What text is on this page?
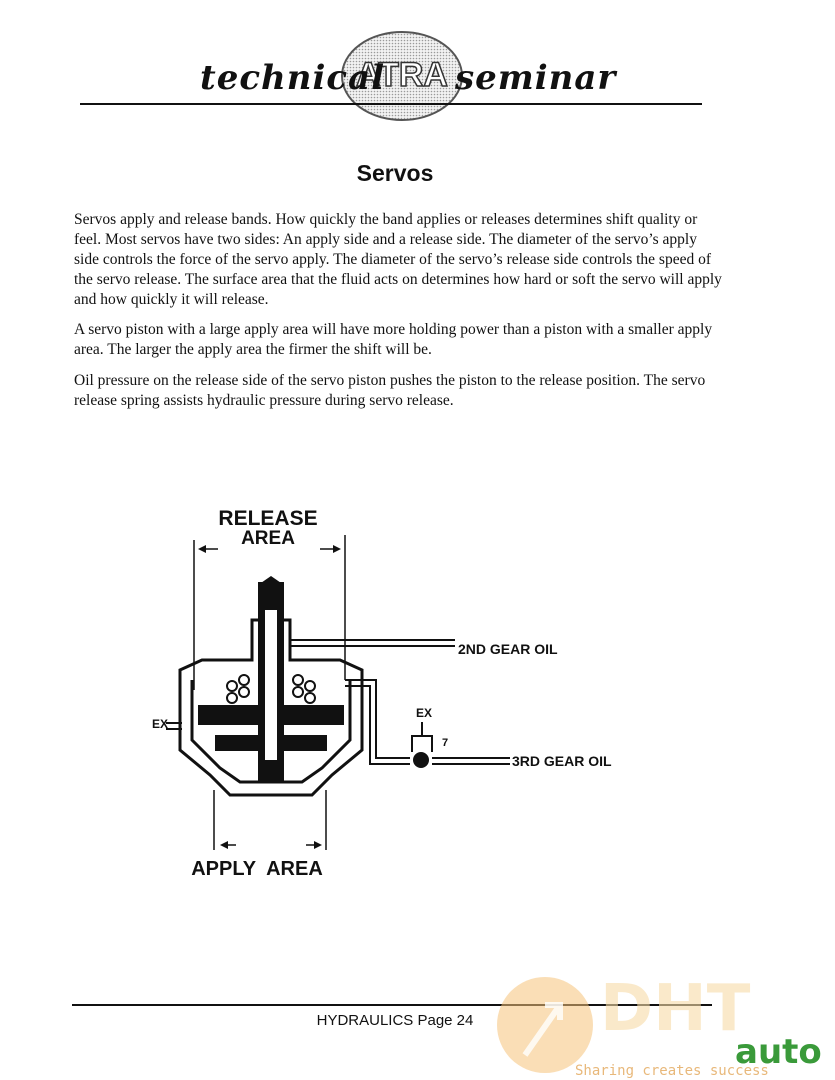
ATRA
technical seminar
Servos

Servos apply and release bands. How quickly the band applies or releases determines shift quality or feel. Most servos have two sides: An apply side and a release side. The diameter of the servo’s apply side controls the force of the servo apply. The diameter of the servo’s release side controls the speed of the servo release. The surface area that the fluid acts on determines how hard or soft the servo will apply and how quickly it will release.

A servo piston with a large apply area will have more holding power than a piston with a smaller apply area. The larger the apply area the firmer the shift will be.

Oil pressure on the release side of the servo piston pushes the piston to the release position. The servo release spring assists hydraulic pressure during servo release.

RELEASE
AREA
APPLY  AREA
2ND GEAR OIL
3RD GEAR OIL
EX
EX
7
HYDRAULICS Page 24	DHT
auto
Sharing creates success
